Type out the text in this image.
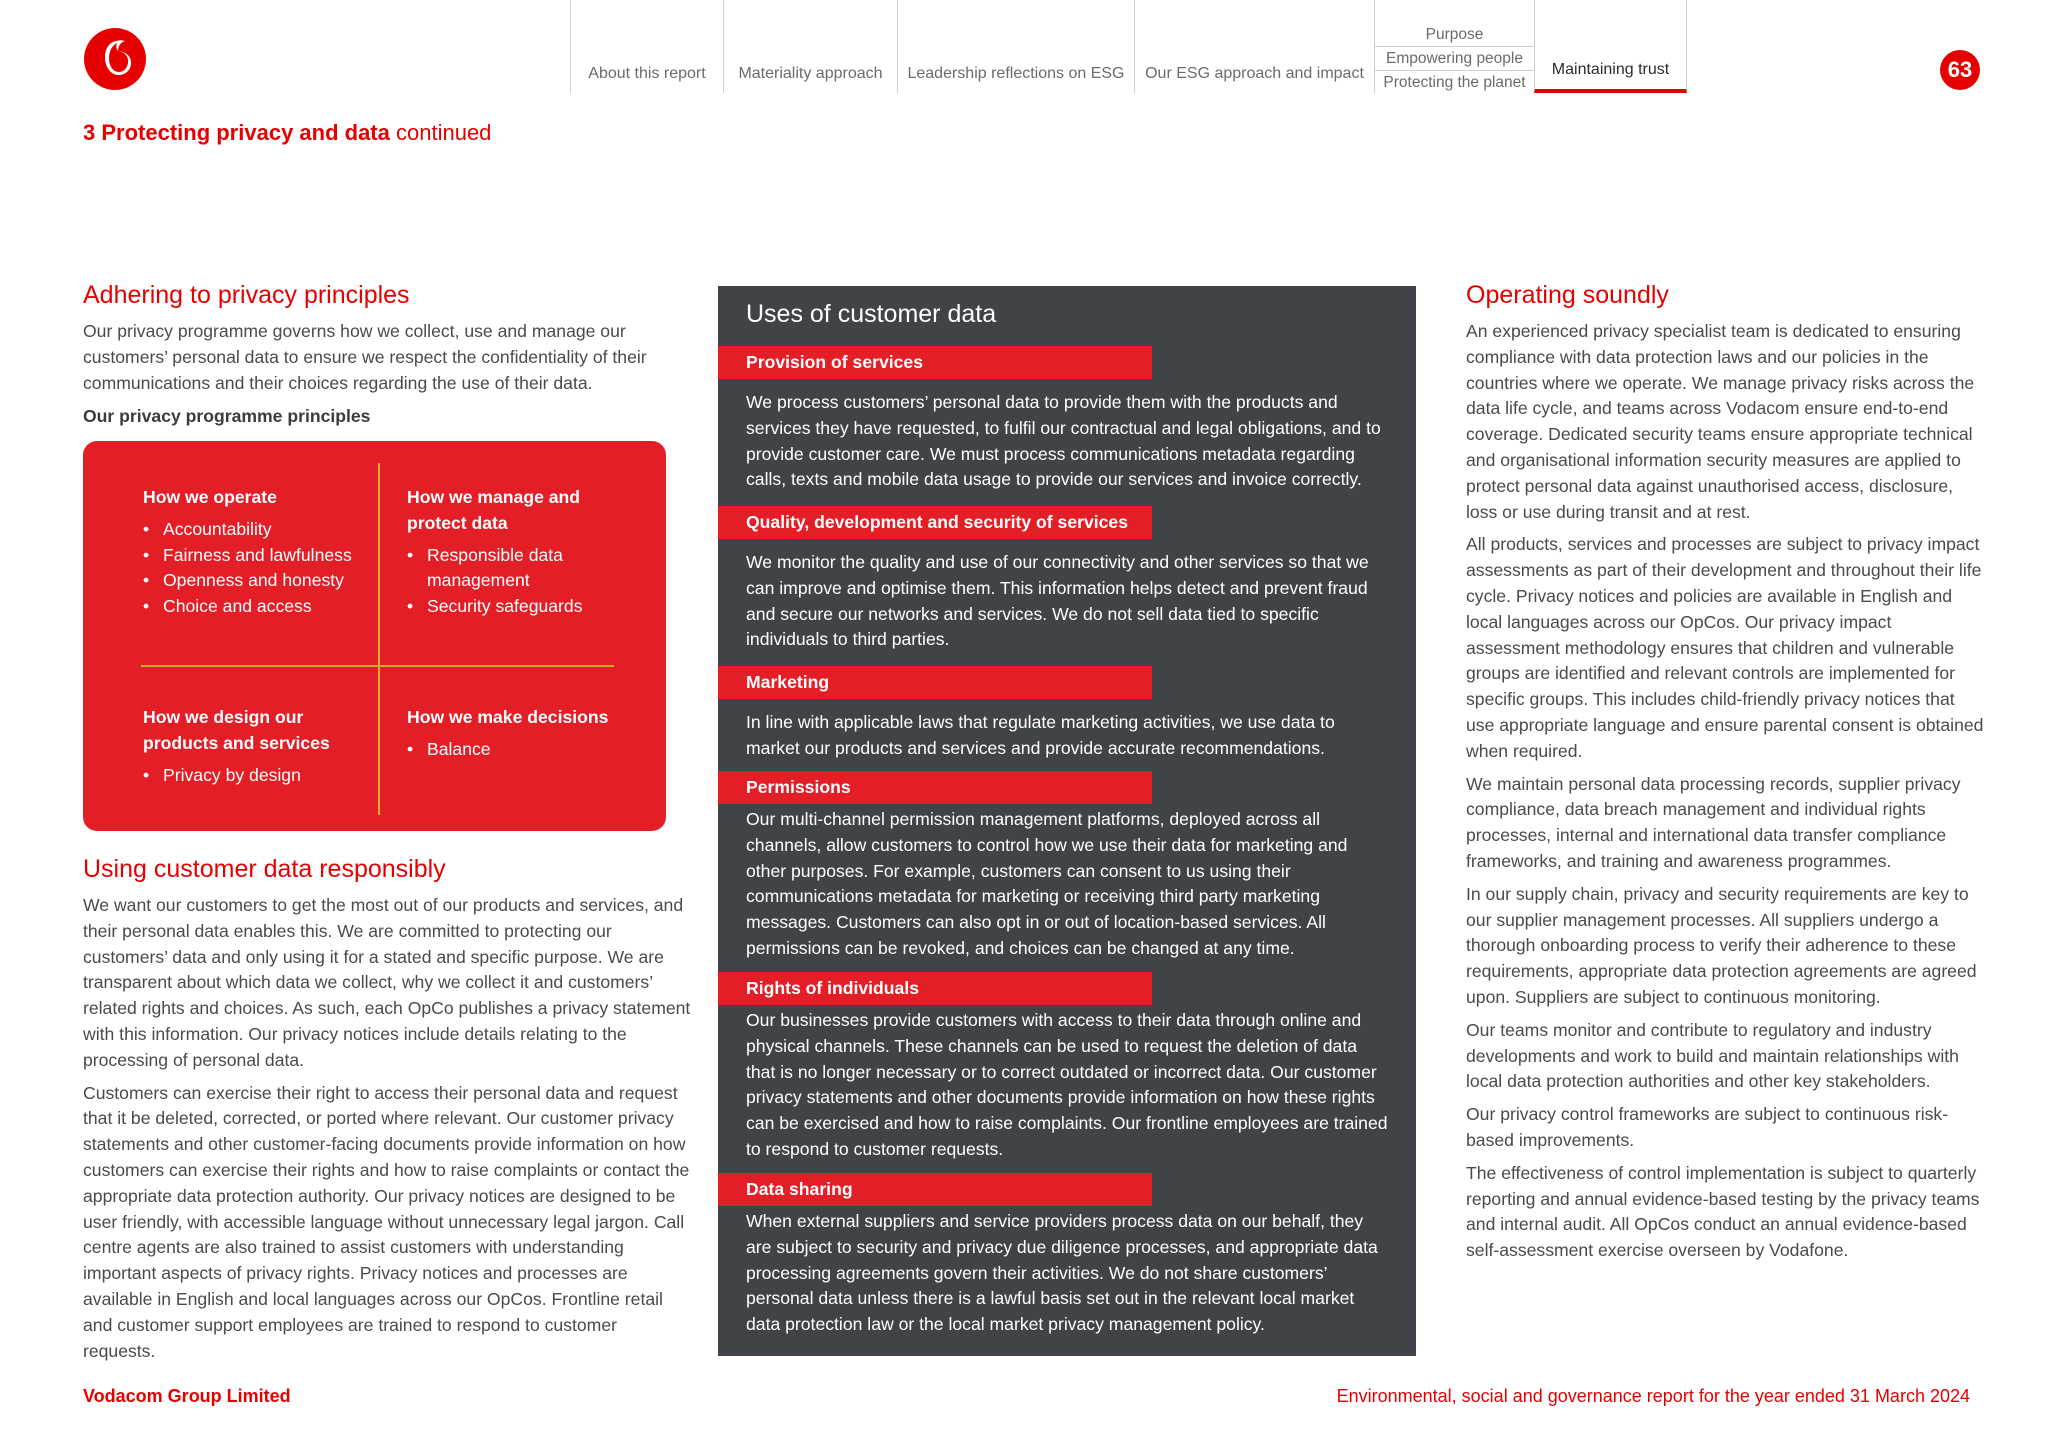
About this report Materiality approach Leadership reflections on ESG Our ESG approach and impact
Purpose
Empowering people
Protecting the planet
Maintaining trust	63
3 Protecting privacy and data continued
Adhering to privacy principles

Our privacy programme governs how we collect, use and manage our customers’ personal data to ensure we respect the confidentiality of their communications and their choices regarding the use of their data.

Our privacy programme principles

How we operate
• Accountability
• Fairness and lawfulness
• Openness and honesty
• Choice and access
How we manage and protect data
• Responsible data management
• Security safeguards
How we design our products and services
• Privacy by design
How we make decisions
• Balance
Using customer data responsibly

We want our customers to get the most out of our products and services, and their personal data enables this. We are committed to protecting our customers’ data and only using it for a stated and specific purpose. We are transparent about which data we collect, why we collect it and customers’ related rights and choices. As such, each OpCo publishes a privacy statement with this information. Our privacy notices include details relating to the processing of personal data.

Customers can exercise their right to access their personal data and request that it be deleted, corrected, or ported where relevant. Our customer privacy statements and other customer-facing documents provide information on how customers can exercise their rights and how to raise complaints or contact the appropriate data protection authority. Our privacy notices are designed to be user friendly, with accessible language without unnecessary legal jargon. Call centre agents are also trained to assist customers with understanding important aspects of privacy rights. Privacy notices and processes are available in English and local languages across our OpCos. Frontline retail and customer support employees are trained to respond to customer requests.

Uses of customer data
Provision of services
We process customers’ personal data to provide them with the products and services they have requested, to fulfil our contractual and legal obligations, and to provide customer care. We must process communications metadata regarding calls, texts and mobile data usage to provide our services and invoice correctly.
Quality, development and security of services
We monitor the quality and use of our connectivity and other services so that we can improve and optimise them. This information helps detect and prevent fraud and secure our networks and services. We do not sell data tied to specific individuals to third parties.
Marketing
In line with applicable laws that regulate marketing activities, we use data to market our products and services and provide accurate recommendations.
Permissions
Our multi-channel permission management platforms, deployed across all channels, allow customers to control how we use their data for marketing and other purposes. For example, customers can consent to us using their communications metadata for marketing or receiving third party marketing messages. Customers can also opt in or out of location-based services. All permissions can be revoked, and choices can be changed at any time.
Rights of individuals
Our businesses provide customers with access to their data through online and physical channels. These channels can be used to request the deletion of data that is no longer necessary or to correct outdated or incorrect data. Our customer privacy statements and other documents provide information on how these rights can be exercised and how to raise complaints. Our frontline employees are trained to respond to customer requests.
Data sharing
When external suppliers and service providers process data on our behalf, they are subject to security and privacy due diligence processes, and appropriate data processing agreements govern their activities. We do not share customers’ personal data unless there is a lawful basis set out in the relevant local market data protection law or the local market privacy management policy.
Operating soundly

An experienced privacy specialist team is dedicated to ensuring compliance with data protection laws and our policies in the countries where we operate. We manage privacy risks across the data life cycle, and teams across Vodacom ensure end-to-end coverage. Dedicated security teams ensure appropriate technical and organisational information security measures are applied to protect personal data against unauthorised access, disclosure, loss or use during transit and at rest.

All products, services and processes are subject to privacy impact assessments as part of their development and throughout their life cycle. Privacy notices and policies are available in English and local languages across our OpCos. Our privacy impact assessment methodology ensures that children and vulnerable groups are identified and relevant controls are implemented for specific groups. This includes child-friendly privacy notices that use appropriate language and ensure parental consent is obtained when required.

We maintain personal data processing records, supplier privacy compliance, data breach management and individual rights processes, internal and international data transfer compliance frameworks, and training and awareness programmes.

In our supply chain, privacy and security requirements are key to our supplier management processes. All suppliers undergo a thorough onboarding process to verify their adherence to these requirements, appropriate data protection agreements are agreed upon. Suppliers are subject to continuous monitoring.

Our teams monitor and contribute to regulatory and industry developments and work to build and maintain relationships with local data protection authorities and other key stakeholders.

Our privacy control frameworks are subject to continuous risk-based improvements.

The effectiveness of control implementation is subject to quarterly reporting and annual evidence-based testing by the privacy teams and internal audit. All OpCos conduct an annual evidence-based self-assessment exercise overseen by Vodafone.

Vodacom Group Limited	Environmental, social and governance report for the year ended 31 March 2024
